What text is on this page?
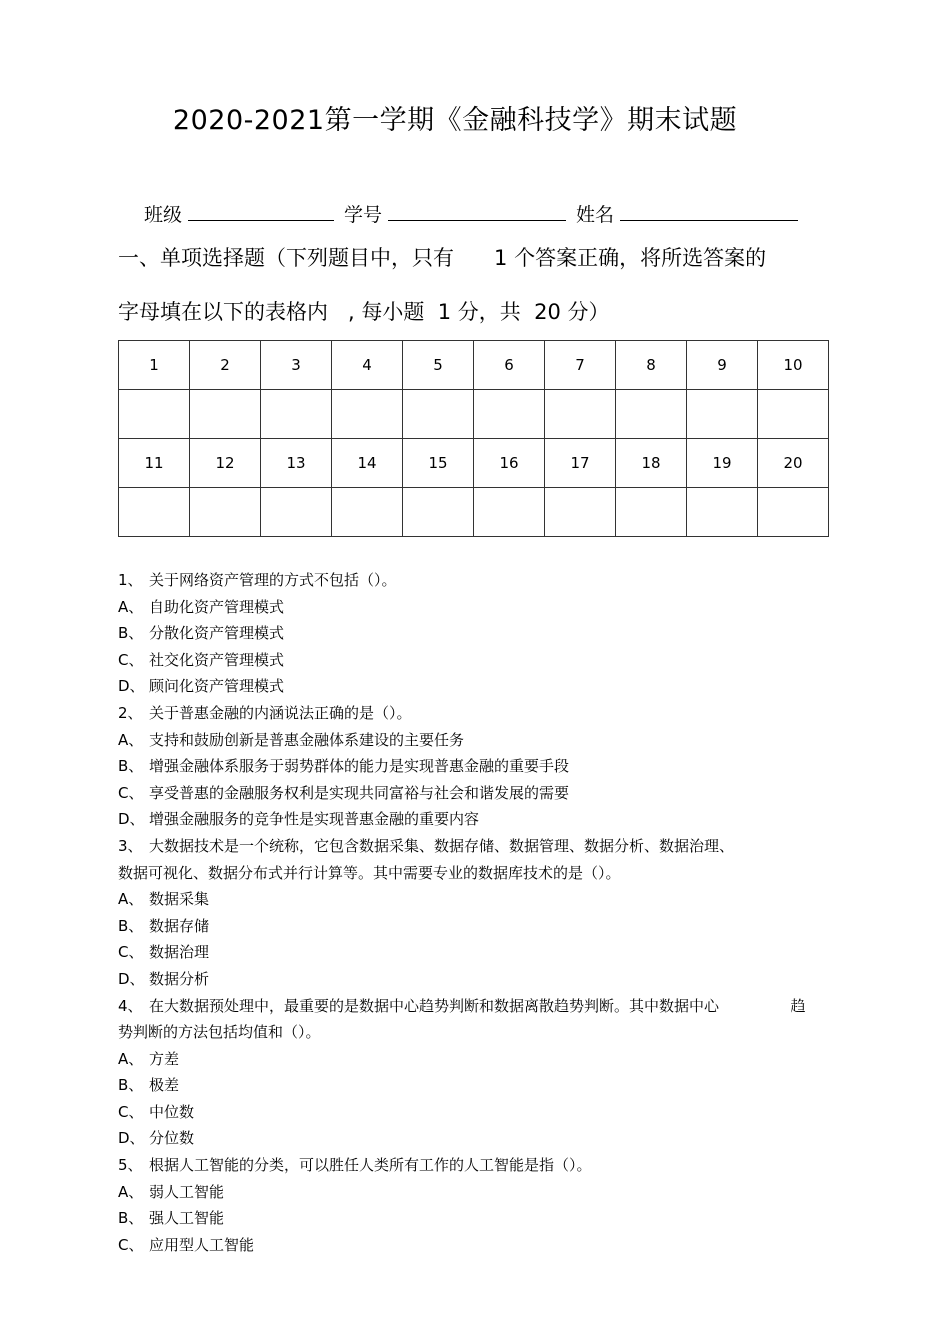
2020-2021第一学期《金融科技学》期末试题
班级	学号	姓名
一、单项选择题（下列题目中，只有      1 个答案正确，将所选答案的
字母填在以下的表格内   , 每小题  1 分，共  20 分）
1	2	3	4	5	6	7	8	9	10

11	12	13	14	15	16	17	18	19	20

1、 关于网络资产管理的方式不包括（）。
A、 自助化资产管理模式
B、 分散化资产管理模式
C、 社交化资产管理模式
D、 顾问化资产管理模式
2、 关于普惠金融的内涵说法正确的是（）。
A、 支持和鼓励创新是普惠金融体系建设的主要任务
B、 增强金融体系服务于弱势群体的能力是实现普惠金融的重要手段
C、 享受普惠的金融服务权利是实现共同富裕与社会和谐发展的需要
D、 增强金融服务的竞争性是实现普惠金融的重要内容
3、 大数据技术是一个统称，它包含数据采集、数据存储、数据管理、数据分析、数据治理、
数据可视化、数据分布式并行计算等。其中需要专业的数据库技术的是（）。
A、 数据采集
B、 数据存储
C、 数据治理
D、 数据分析
4、 在大数据预处理中，最重要的是数据中心趋势判断和数据离散趋势判断。其中数据中心               趋
势判断的方法包括均值和（）。
A、 方差
B、 极差
C、 中位数
D、 分位数
5、 根据人工智能的分类，可以胜任人类所有工作的人工智能是指（）。
A、 弱人工智能
B、 强人工智能
C、 应用型人工智能
